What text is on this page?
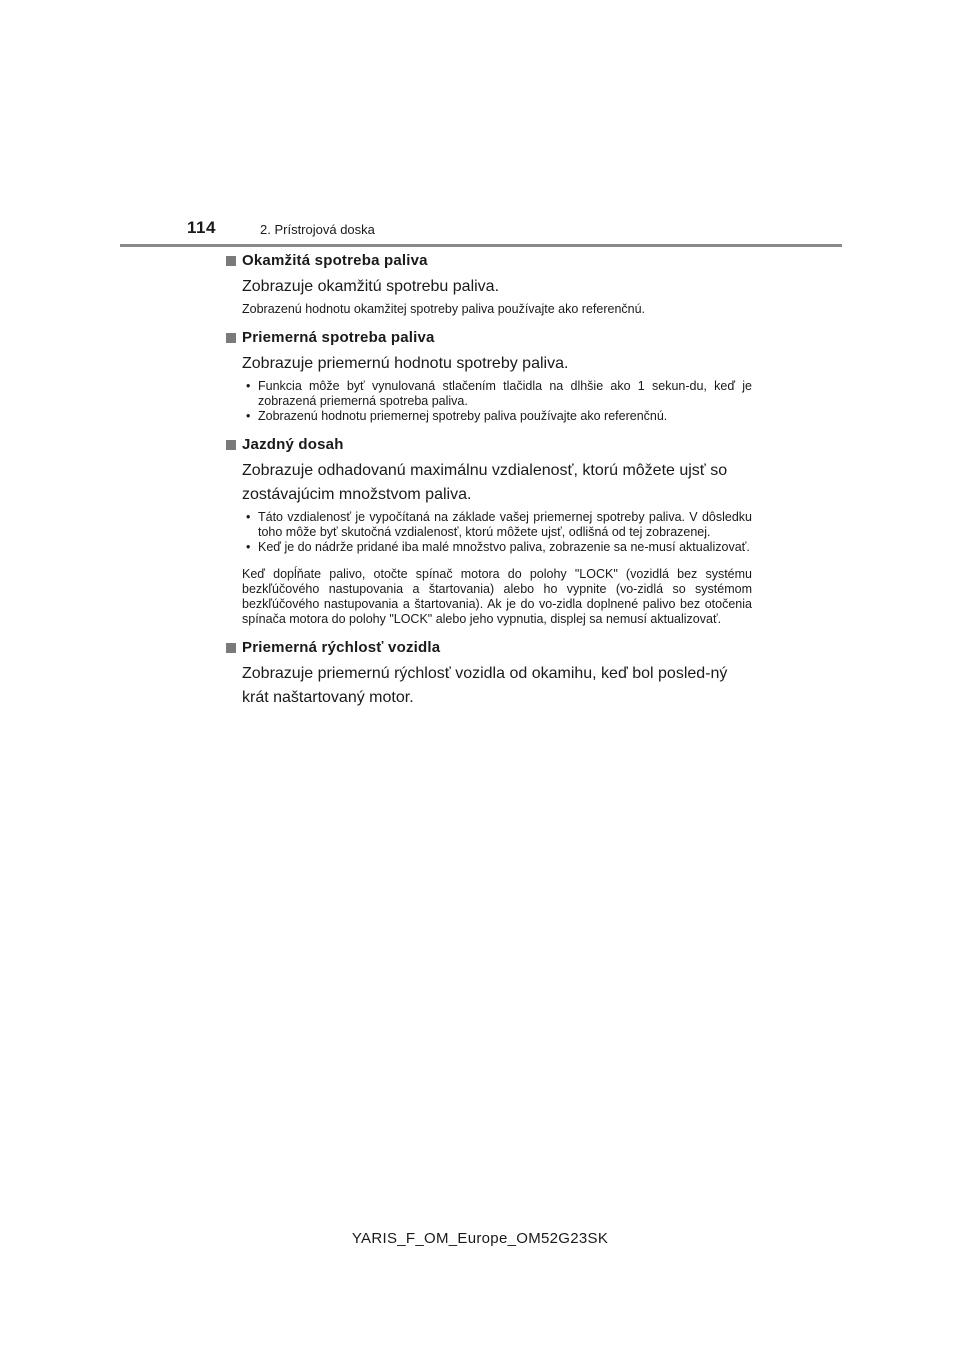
114	2. Prístrojová doska
Okamžitá spotreba paliva
Zobrazuje okamžitú spotrebu paliva.
Zobrazenú hodnotu okamžitej spotreby paliva používajte ako referenčnú.
Priemerná spotreba paliva
Zobrazuje priemernú hodnotu spotreby paliva.
• Funkcia môže byť vynulovaná stlačením tlačidla na dlhšie ako 1 sekun-du, keď je zobrazená priemerná spotreba paliva.
• Zobrazenú hodnotu priemernej spotreby paliva používajte ako referenčnú.
Jazdný dosah
Zobrazuje odhadovanú maximálnu vzdialenosť, ktorú môžete ujsť so zostávajúcim množstvom paliva.
• Táto vzdialenosť je vypočítaná na základe vašej priemernej spotreby paliva. V dôsledku toho môže byť skutočná vzdialenosť, ktorú môžete ujsť, odlišná od tej zobrazenej.
• Keď je do nádrže pridané iba malé množstvo paliva, zobrazenie sa ne-musí aktualizovať.
Keď dopĺňate palivo, otočte spínač motora do polohy "LOCK" (vozidlá bez systému bezkľúčového nastupovania a štartovania) alebo ho vypnite (vo-zidlá so systémom bezkľúčového nastupovania a štartovania). Ak je do vo-zidla doplnené palivo bez otočenia spínača motora do polohy "LOCK" alebo jeho vypnutia, displej sa nemusí aktualizovať.
Priemerná rýchlosť vozidla
Zobrazuje priemernú rýchlosť vozidla od okamihu, keď bol posled-ný krát naštartovaný motor.
YARIS_F_OM_Europe_OM52G23SK
